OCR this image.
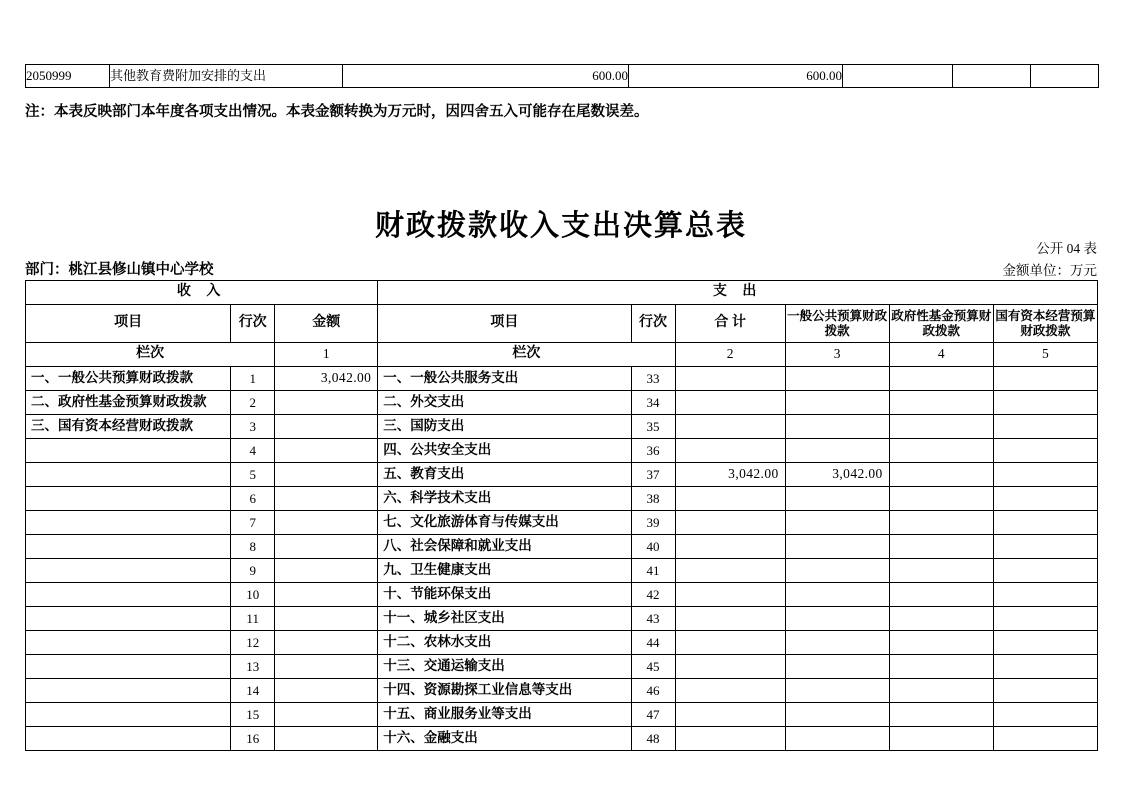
2050999	其他教育费附加安排的支出	600.00	600.00			
注：本表反映部门本年度各项支出情况。本表金额转换为万元时，因四舍五入可能存在尾数误差。
财政拨款收入支出决算总表
公开 04 表
部门：桃江县修山镇中心学校	金额单位：万元
收 入			支 出					
项目	行次	金额	项目	行次	合 计	一般公共预算财政拨款	政府性基金预算财政拨款	国有资本经营预算财政拨款
栏次		1	栏次		2	3	4	5
一、一般公共预算财政拨款	1	3,042.00	一、一般公共服务支出	33				
二、政府性基金预算财政拨款	2		二、外交支出	34				
三、国有资本经营财政拨款	3		三、国防支出	35				
	4		四、公共安全支出	36				
	5		五、教育支出	37	3,042.00	3,042.00		
	6		六、科学技术支出	38				
	7		七、文化旅游体育与传媒支出	39				
	8		八、社会保障和就业支出	40				
	9		九、卫生健康支出	41				
	10		十、节能环保支出	42				
	11		十一、城乡社区支出	43				
	12		十二、农林水支出	44				
	13		十三、交通运输支出	45				
	14		十四、资源勘探工业信息等支出	46				
	15		十五、商业服务业等支出	47				
	16		十六、金融支出	48				
